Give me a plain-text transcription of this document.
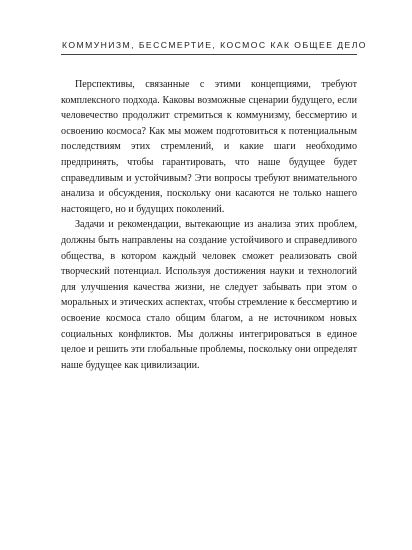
КОММУНИЗМ, БЕССМЕРТИЕ, КОСМОС КАК ОБЩЕЕ ДЕЛО

Перспективы, связанные с этими концепциями, требуют комплексного подхода. Каковы возможные сценарии будущего, если человечество продолжит стремиться к коммунизму, бессмертию и освоению космоса? Как мы можем подготовиться к потенциальным последствиям этих стремлений, и какие шаги необходимо предпринять, чтобы гарантировать, что наше будущее будет справедливым и устойчивым? Эти вопросы требуют внимательного анализа и обсуждения, поскольку они касаются не только нашего настоящего, но и будущих поколений.

Задачи и рекомендации, вытекающие из анализа этих проблем, должны быть направлены на создание устойчивого и справедливого общества, в котором каждый человек сможет реализовать свой творческий потенциал. Используя достижения науки и технологий для улучшения качества жизни, не следует забывать при этом о моральных и этических аспектах, чтобы стремление к бессмертию и освоение космоса стало общим благом, а не источником новых социальных конфликтов. Мы должны интегрироваться в единое целое и решить эти глобальные проблемы, поскольку они определят наше будущее как цивилизации.
